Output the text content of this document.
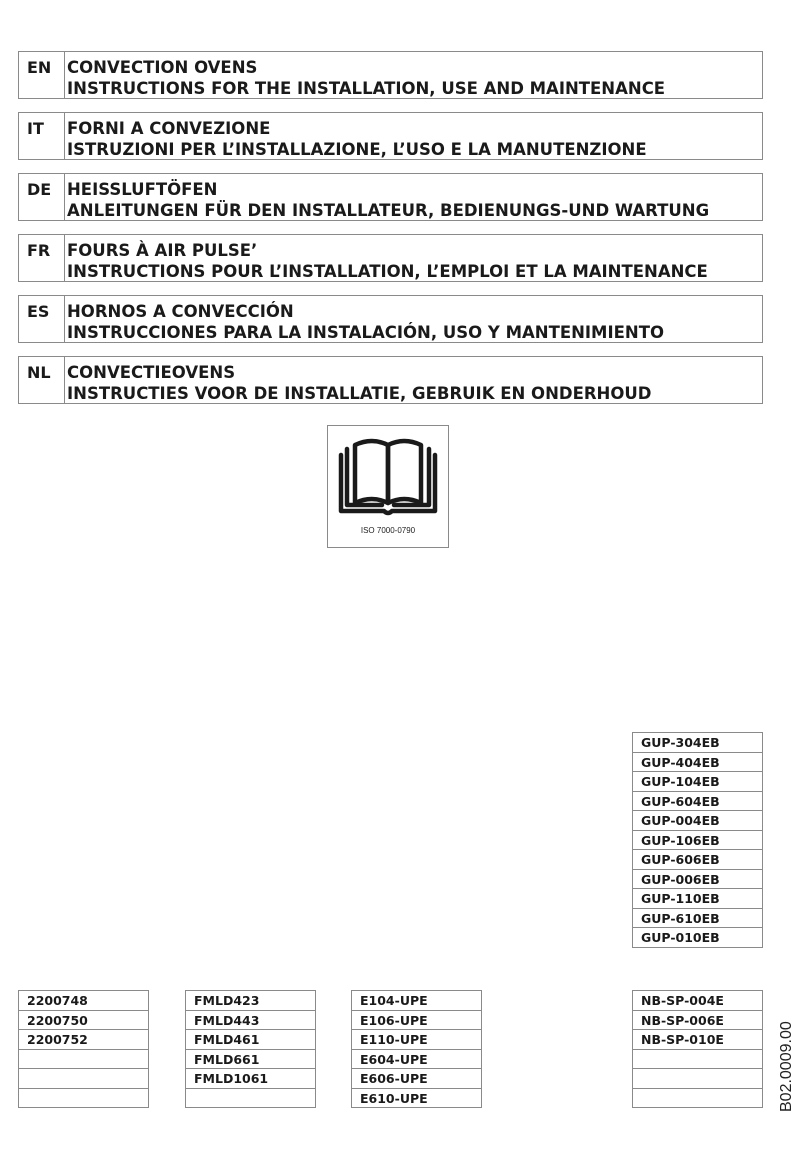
EN CONVECTION OVENS
INSTRUCTIONS FOR THE INSTALLATION, USE AND MAINTENANCE
IT	FORNI A CONVEZIONE
ISTRUZIONI PER L’INSTALLAZIONE, L’USO E LA MANUTENZIONE
DE HEISSLUFTÖFEN
ANLEITUNGEN FÜR DEN INSTALLATEUR, BEDIENUNGS-UND WARTUNG
FR	FOURS À AIR PULSE’
INSTRUCTIONS POUR L’INSTALLATION, L’EMPLOI ET LA MAINTENANCE
ES	HORNOS A CONVECCIÓN
INSTRUCCIONES PARA LA INSTALACIÓN, USO Y MANTENIMIENTO
NL CONVECTIEOVENS
INSTRUCTIES VOOR DE INSTALLATIE, GEBRUIK EN ONDERHOUD
ISO 7000-0790
GUP-304EB
GUP-404EB
GUP-104EB
GUP-604EB
GUP-004EB
GUP-106EB
GUP-606EB
GUP-006EB
GUP-110EB
GUP-610EB
GUP-010EB
2200748
2200750
2200752
FMLD423
FMLD443
FMLD461
FMLD661
FMLD1061
E104-UPE
E106-UPE
E110-UPE
E604-UPE
E606-UPE
E610-UPE
NB-SP-004E
NB-SP-006E
NB-SP-010E	B02.0009.00
